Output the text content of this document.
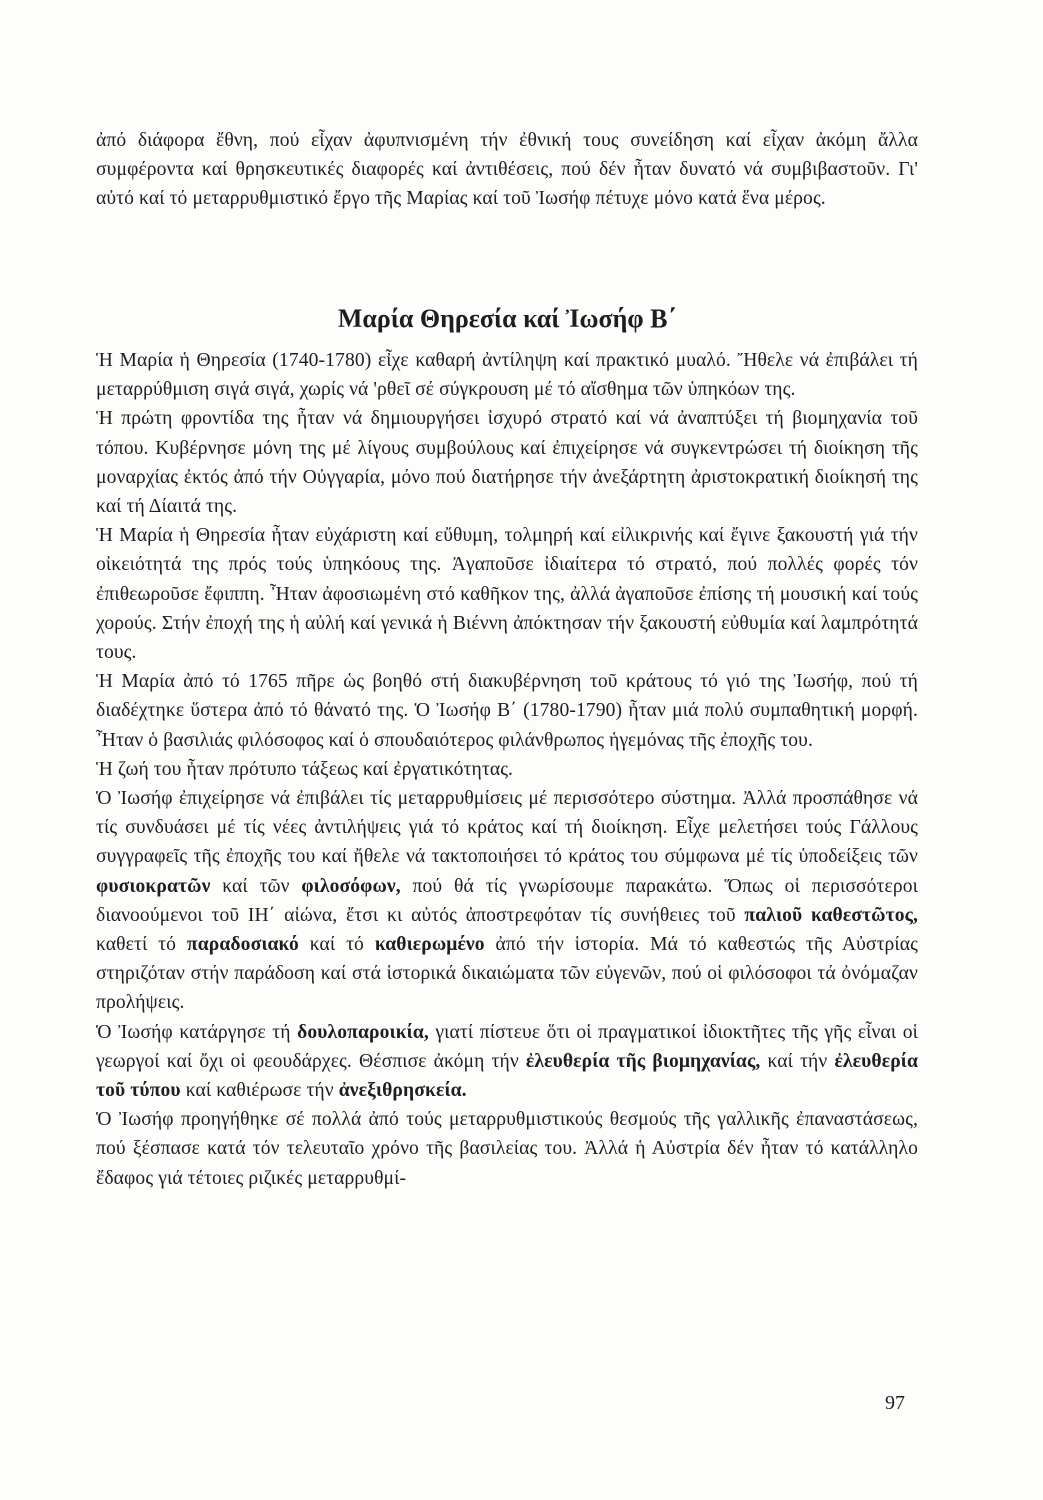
ἀπό διάφορα ἔθνη, πού εἶχαν ἀφυπνισμένη τήν ἐθνική τους συνείδηση καί εἶχαν ἀκόμη ἄλλα συμφέροντα καί θρησκευτικές διαφορές καί ἀντιθέσεις, πού δέν ἦταν δυνατό νά συμβιβαστοῦν. Γι' αὐτό καί τό μεταρρυθμιστικό ἔργο τῆς Μαρίας καί τοῦ Ἰωσήφ πέτυχε μόνο κατά ἕνα μέρος.

Μαρία Θηρεσία καί Ἰωσήφ Β΄

Ἡ Μαρία ἡ Θηρεσία (1740-1780) εἶχε καθαρή ἀντίληψη καί πρακτικό μυαλό. Ἤθελε νά ἐπιβάλει τή μεταρρύθμιση σιγά σιγά, χωρίς νά 'ρθεῖ σέ σύγκρουση μέ τό αἴσθημα τῶν ὑπηκόων της.

Ἡ πρώτη φροντίδα της ἦταν νά δημιουργήσει ἰσχυρό στρατό καί νά ἀναπτύξει τή βιομηχανία τοῦ τόπου. Κυβέρνησε μόνη της μέ λίγους συμβούλους καί ἐπιχείρησε νά συγκεντρώσει τή διοίκηση τῆς μοναρχίας ἐκτός ἀπό τήν Οὐγγαρία, μόνο πού διατήρησε τήν ἀνεξάρτητη ἀριστοκρατική διοίκησή της καί τή Δίαιτά της.

Ἡ Μαρία ἡ Θηρεσία ἦταν εὐχάριστη καί εὔθυμη, τολμηρή καί εἰλικρινής καί ἔγινε ξακουστή γιά τήν οἰκειότητά της πρός τούς ὑπηκόους της. Ἀγαποῦσε ἰδιαίτερα τό στρατό, πού πολλές φορές τόν ἐπιθεωροῦσε ἔφιππη. Ἦταν ἀφοσιωμένη στό καθῆκον της, ἀλλά ἀγαποῦσε ἐπίσης τή μουσική καί τούς χορούς. Στήν ἐποχή της ἡ αὐλή καί γενικά ἡ Βιέννη ἀπόκτησαν τήν ξακουστή εὐθυμία καί λαμπρότητά τους.

Ἡ Μαρία ἀπό τό 1765 πῆρε ὡς βοηθό στή διακυβέρνηση τοῦ κράτους τό γιό της Ἰωσήφ, πού τή διαδέχτηκε ὕστερα ἀπό τό θάνατό της. Ὁ Ἰωσήφ Β΄ (1780-1790) ἦταν μιά πολύ συμπαθητική μορφή. Ἦταν ὁ βασιλιάς φιλόσοφος καί ὁ σπουδαιότερος φιλάνθρωπος ἡγεμόνας τῆς ἐποχῆς του.

Ἡ ζωή του ἦταν πρότυπο τάξεως καί ἐργατικότητας.

Ὁ Ἰωσήφ ἐπιχείρησε νά ἐπιβάλει τίς μεταρρυθμίσεις μέ περισσότερο σύστημα. Ἀλλά προσπάθησε νά τίς συνδυάσει μέ τίς νέες ἀντιλήψεις γιά τό κράτος καί τή διοίκηση. Εἶχε μελετήσει τούς Γάλλους συγγραφεῖς τῆς ἐποχῆς του καί ἤθελε νά τακτοποιήσει τό κράτος του σύμφωνα μέ τίς ὑποδείξεις τῶν φυσιοκρατῶν καί τῶν φιλοσόφων, πού θά τίς γνωρίσουμε παρακάτω. Ὅπως οἱ περισσότεροι διανοούμενοι τοῦ ΙΗ΄ αἰώνα, ἔτσι κι αὐτός ἀποστρεφόταν τίς συνήθειες τοῦ παλιοῦ καθεστῶτος, καθετί τό παραδοσιακό καί τό καθιερωμένο ἀπό τήν ἱστορία. Μά τό καθεστώς τῆς Αὐστρίας στηριζόταν στήν παράδοση καί στά ἱστορικά δικαιώματα τῶν εὐγενῶν, πού οἱ φιλόσοφοι τά ὀνόμαζαν προλήψεις.

Ὁ Ἰωσήφ κατάργησε τή δουλοπαροικία, γιατί πίστευε ὅτι οἱ πραγματικοί ἰδιοκτῆτες τῆς γῆς εἶναι οἱ γεωργοί καί ὄχι οἱ φεουδάρχες. Θέσπισε ἀκόμη τήν ἐλευθερία τῆς βιομηχανίας, καί τήν ἐλευθερία τοῦ τύπου καί καθιέρωσε τήν ἀνεξιθρησκεία.

Ὁ Ἰωσήφ προηγήθηκε σέ πολλά ἀπό τούς μεταρρυθμιστικούς θεσμούς τῆς γαλλικῆς ἐπαναστάσεως, πού ξέσπασε κατά τόν τελευταῖο χρόνο τῆς βασιλείας του. Ἀλλά ἡ Αὐστρία δέν ἦταν τό κατάλληλο ἔδαφος γιά τέτοιες ριζικές μεταρρυθμί-

97
